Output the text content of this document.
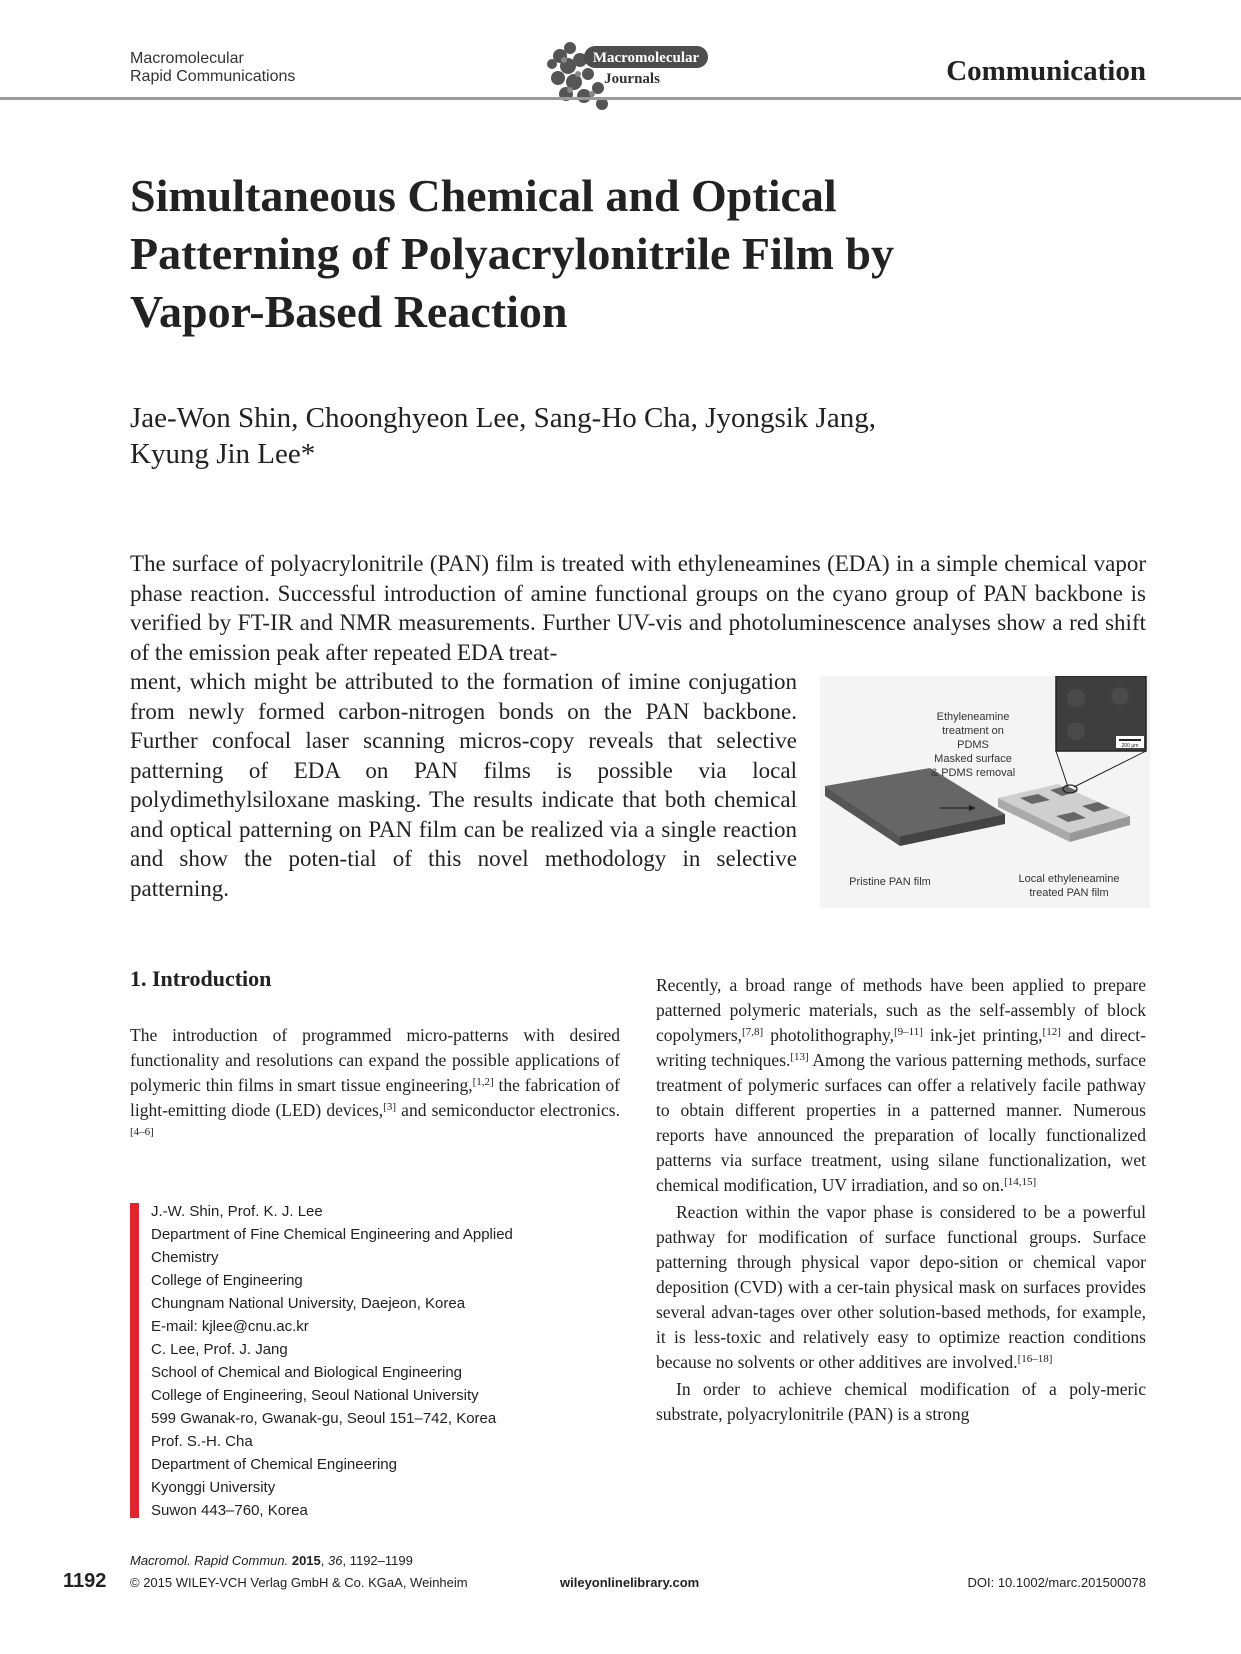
Macromolecular
Rapid Communications
Macromolecular
Journals	Communication
Simultaneous Chemical and Optical Patterning of Polyacrylonitrile Film by Vapor-Based Reaction
Jae-Won Shin, Choonghyeon Lee, Sang-Ho Cha, Jyongsik Jang,
Kyung Jin Lee*
The surface of polyacrylonitrile (PAN) film is treated with ethyleneamines (EDA) in a simple chemical vapor phase reaction. Successful introduction of amine functional groups on the cyano group of PAN backbone is verified by FT-IR and NMR measurements. Further UV-vis and photoluminescence analyses show a red shift of the emission peak after repeated EDA treat-
ment, which might be attributed to the formation of imine conjugation from newly formed carbon-nitrogen bonds on the PAN backbone. Further confocal laser scanning micros-copy reveals that selective patterning of EDA on PAN films is possible via local polydimethylsiloxane masking. The results indicate that both chemical and optical patterning on PAN film can be realized via a single reaction and show the poten-tial of this novel methodology in selective patterning.
200 μm
Ethyleneamine
treatment on
PDMS
Masked surface
& PDMS removal
Pristine PAN film	Local ethyleneamine
treated PAN film
1. Introduction
The introduction of programmed micro-patterns with desired functionality and resolutions can expand the possible applications of polymeric thin films in smart tissue engineering,[1,2] the fabrication of light-emitting diode (LED) devices,[3] and semiconductor electronics.[4–6]
J.-W. Shin, Prof. K. J. Lee
Department of Fine Chemical Engineering and Applied
Chemistry
College of Engineering
Chungnam National University, Daejeon, Korea
E-mail: kjlee@cnu.ac.kr
C. Lee, Prof. J. Jang
School of Chemical and Biological Engineering
College of Engineering, Seoul National University
599 Gwanak-ro, Gwanak-gu, Seoul 151–742, Korea
Prof. S.-H. Cha
Department of Chemical Engineering
Kyonggi University
Suwon 443–760, Korea

Recently, a broad range of methods have been applied to prepare patterned polymeric materials, such as the self-assembly of block copolymers,[7,8] photolithography,[9–11] ink-jet printing,[12] and direct-writing techniques.[13] Among the various patterning methods, surface treatment of polymeric surfaces can offer a relatively facile pathway to obtain different properties in a patterned manner. Numerous reports have announced the preparation of locally functionalized patterns via surface treatment, using silane functionalization, wet chemical modification, UV irradiation, and so on.[14,15]

Reaction within the vapor phase is considered to be a powerful pathway for modification of surface functional groups. Surface patterning through physical vapor depo-sition or chemical vapor deposition (CVD) with a cer-tain physical mask on surfaces provides several advan-tages over other solution-based methods, for example, it is less-toxic and relatively easy to optimize reaction conditions because no solvents or other additives are involved.[16–18]

In order to achieve chemical modification of a poly-meric substrate, polyacrylonitrile (PAN) is a strong

Macromol. Rapid Commun. 2015, 36, 1192–1199
1192 © 2015 WILEY-VCH Verlag GmbH & Co. KGaA, Weinheim	wileyonlinelibrary.com	DOI: 10.1002/marc.201500078
